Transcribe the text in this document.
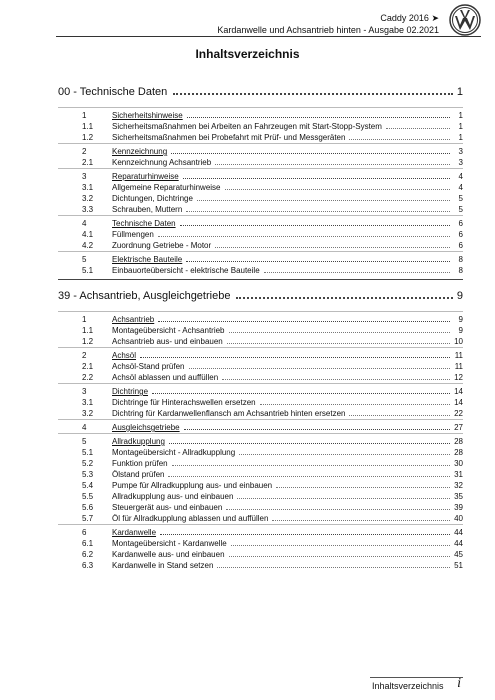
Caddy 2016 ➤
Kardanwelle und Achsantrieb hinten - Ausgabe 02.2021
Inhaltsverzeichnis
00 - Technische Daten	1
1	Sicherheitshinweise	1
1.1	Sicherheitsmaßnahmen bei Arbeiten an Fahrzeugen mit Start-Stopp-System	1
1.2	Sicherheitsmaßnahmen bei Probefahrt mit Prüf- und Messgeräten	1
2	Kennzeichnung	3
2.1	Kennzeichnung Achsantrieb	3
3	Reparaturhinweise	4
3.1	Allgemeine Reparaturhinweise	4
3.2	Dichtungen, Dichtringe	5
3.3	Schrauben, Muttern	5
4	Technische Daten	6
4.1	Füllmengen	6
4.2	Zuordnung Getriebe - Motor	6
5	Elektrische Bauteile	8
5.1	Einbauorteübersicht - elektrische Bauteile	8
39 - Achsantrieb, Ausgleichgetriebe	9
1	Achsantrieb	9
1.1	Montageübersicht - Achsantrieb	9
1.2	Achsantrieb aus- und einbauen	10
2	Achsöl	11
2.1	Achsöl-Stand prüfen	11
2.2	Achsöl ablassen und auffüllen	12
3	Dichtringe	14
3.1	Dichtringe für Hinterachswellen ersetzen	14
3.2	Dichtring für Kardanwellenflansch am Achsantrieb hinten ersetzen	22
4	Ausgleichsgetriebe	27
5	Allradkupplung	28
5.1	Montageübersicht - Allradkupplung	28
5.2	Funktion prüfen	30
5.3	Ölstand prüfen	31
5.4	Pumpe für Allradkupplung aus- und einbauen	32
5.5	Allradkupplung aus- und einbauen	35
5.6	Steuergerät aus- und einbauen	39
5.7	Öl für Allradkupplung ablassen und auffüllen	40
6	Kardanwelle	44
6.1	Montageübersicht - Kardanwelle	44
6.2	Kardanwelle aus- und einbauen	45
6.3	Kardanwelle in Stand setzen	51
Inhaltsverzeichnis i
